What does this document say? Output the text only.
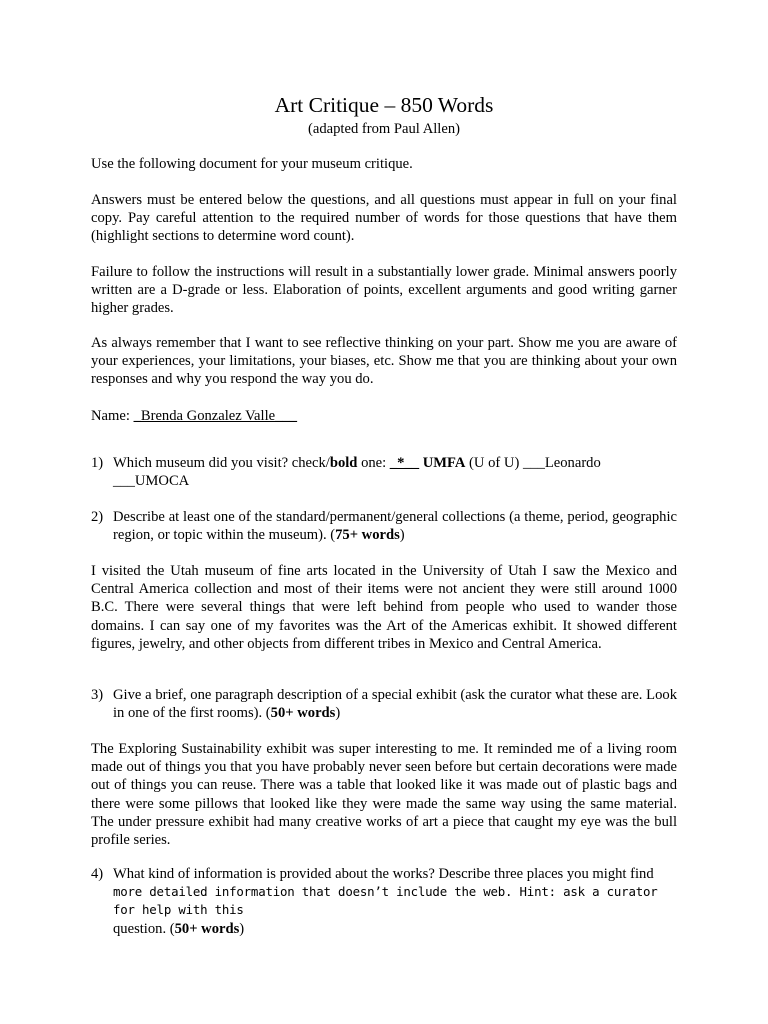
Art Critique – 850 Words
(adapted from Paul Allen)

Use the following document for your museum critique.

Answers must be entered below the questions, and all questions must appear in full on your final copy. Pay careful attention to the required number of words for those questions that have them (highlight sections to determine word count).

Failure to follow the instructions will result in a substantially lower grade. Minimal answers poorly written are a D-grade or less. Elaboration of points, excellent arguments and good writing garner higher grades.

As always remember that I want to see reflective thinking on your part. Show me you are aware of your experiences, your limitations, your biases, etc. Show me that you are thinking about your own responses and why you respond the way you do.

Name: _Brenda Gonzalez Valle___
1) Which museum did you visit? check/bold one: _*__ UMFA (U of U) ___Leonardo
___UMOCA
2) Describe at least one of the standard/permanent/general collections (a theme, period, geographic region, or topic within the museum). (75+ words)
I visited the Utah museum of fine arts located in the University of Utah I saw the Mexico and Central America collection and most of their items were not ancient they were still around 1000 B.C. There were several things that were left behind from people who used to wander those domains. I can say one of my favorites was the Art of the Americas exhibit. It showed different figures, jewelry, and other objects from different tribes in Mexico and Central America.
3) Give a brief, one paragraph description of a special exhibit (ask the curator what these are. Look in one of the first rooms). (50+ words)
The Exploring Sustainability exhibit was super interesting to me. It reminded me of a living room made out of things you that you have probably never seen before but certain decorations were made out of things you can reuse. There was a table that looked like it was made out of plastic bags and there were some pillows that looked like they were made the same way using the same material. The under pressure exhibit had many creative works of art a piece that caught my eye was the bull profile series.
4) What kind of information is provided about the works? Describe three places you might find
more detailed information that doesn’t include the web. Hint: ask a curator for help with this
question. (50+ words)
